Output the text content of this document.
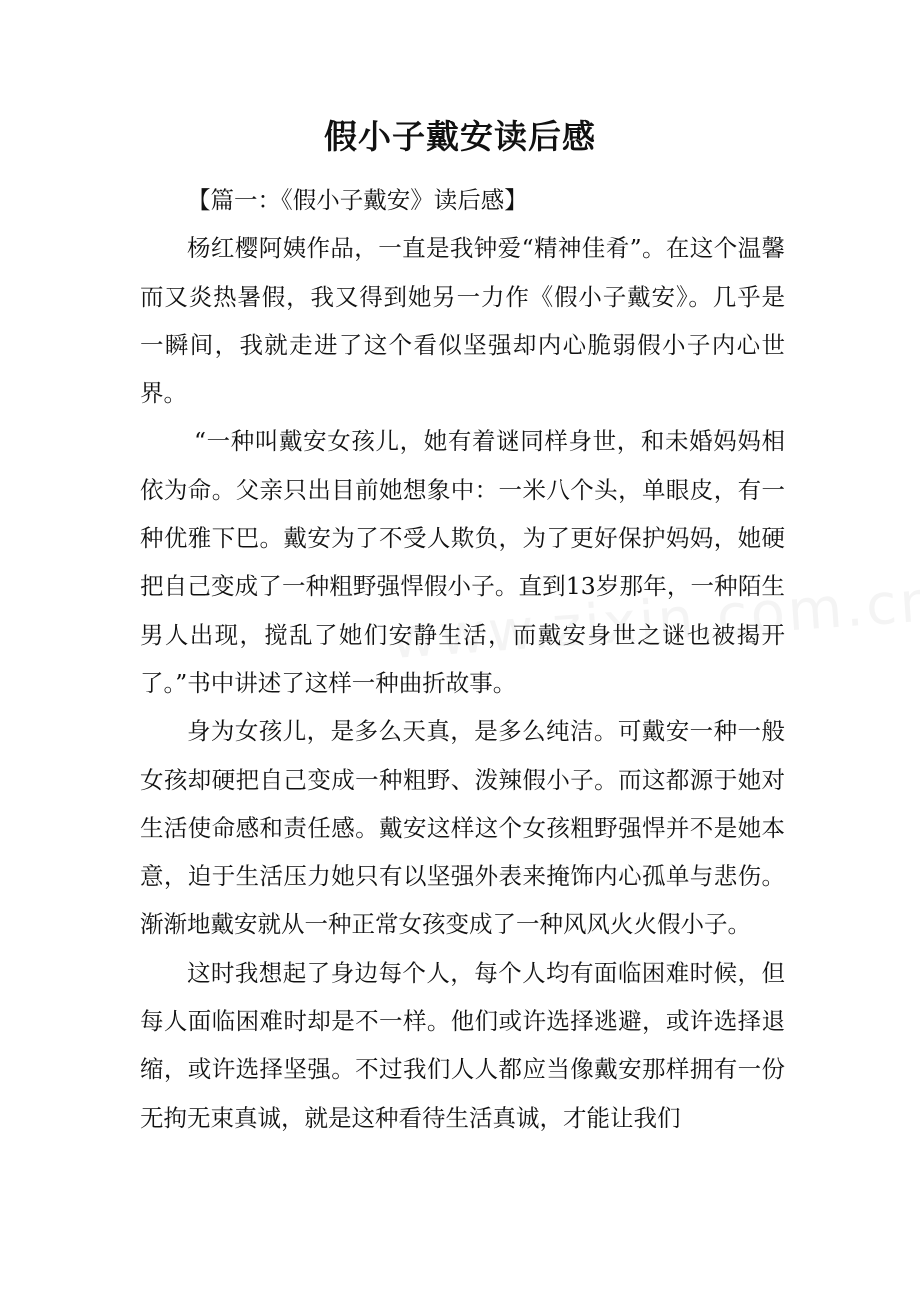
假小子戴安读后感

【篇一：《假小子戴安》读后感】

杨红樱阿姨作品，一直是我钟爱“精神佳肴”。在这个温馨而又炎热暑假，我又得到她另一力作《假小子戴安》。几乎是一瞬间，我就走进了这个看似坚强却内心脆弱假小子内心世界。

“一种叫戴安女孩儿，她有着谜同样身世，和未婚妈妈相依为命。父亲只出目前她想象中：一米八个头，单眼皮，有一种优雅下巴。戴安为了不受人欺负，为了更好保护妈妈，她硬把自己变成了一种粗野强悍假小子。直到13岁那年，一种陌生男人出现，搅乱了她们安静生活，而戴安身世之谜也被揭开了。”书中讲述了这样一种曲折故事。

身为女孩儿，是多么天真，是多么纯洁。可戴安一种一般女孩却硬把自己变成一种粗野、泼辣假小子。而这都源于她对生活使命感和责任感。戴安这样这个女孩粗野强悍并不是她本意，迫于生活压力她只有以坚强外表来掩饰内心孤单与悲伤。渐渐地戴安就从一种正常女孩变成了一种风风火火假小子。

这时我想起了身边每个人，每个人均有面临困难时候，但每人面临困难时却是不一样。他们或许选择逃避，或许选择退缩，或许选择坚强。不过我们人人都应当像戴安那样拥有一份无拘无束真诚，就是这种看待生活真诚，才能让我们
